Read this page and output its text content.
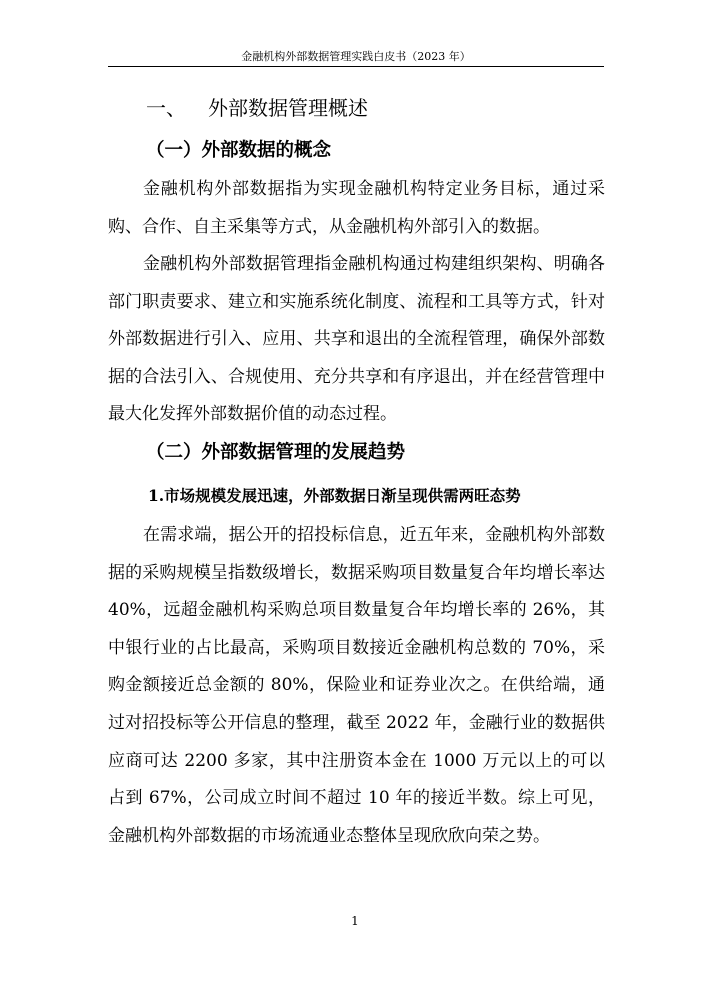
金融机构外部数据管理实践白皮书（2023 年）
一、 外部数据管理概述
（一）外部数据的概念
金融机构外部数据指为实现金融机构特定业务目标，通过采购、合作、自主采集等方式，从金融机构外部引入的数据。
金融机构外部数据管理指金融机构通过构建组织架构、明确各部门职责要求、建立和实施系统化制度、流程和工具等方式，针对外部数据进行引入、应用、共享和退出的全流程管理，确保外部数据的合法引入、合规使用、充分共享和有序退出，并在经营管理中最大化发挥外部数据价值的动态过程。
（二）外部数据管理的发展趋势
1.市场规模发展迅速，外部数据日渐呈现供需两旺态势
在需求端，据公开的招投标信息，近五年来，金融机构外部数据的采购规模呈指数级增长，数据采购项目数量复合年均增长率达40%，远超金融机构采购总项目数量复合年均增长率的 26%，其中银行业的占比最高，采购项目数接近金融机构总数的 70%，采购金额接近总金额的 80%，保险业和证券业次之。在供给端，通过对招投标等公开信息的整理，截至 2022 年，金融行业的数据供应商可达 2200 多家，其中注册资本金在 1000 万元以上的可以占到 67%，公司成立时间不超过 10 年的接近半数。综上可见，金融机构外部数据的市场流通业态整体呈现欣欣向荣之势。
1
